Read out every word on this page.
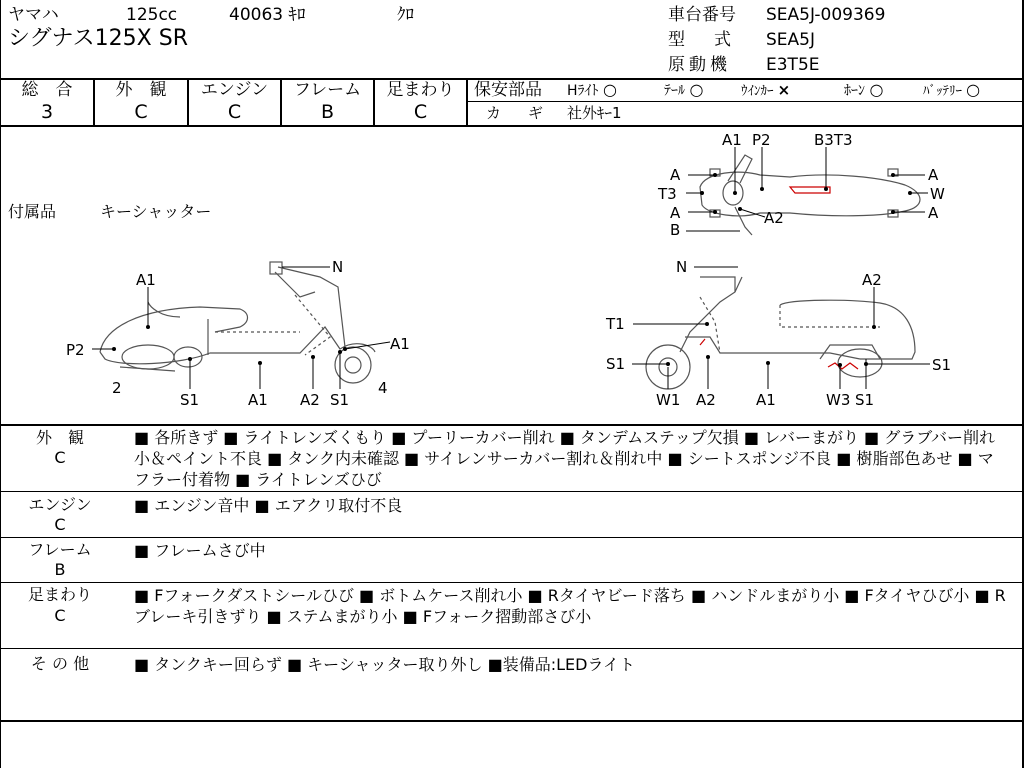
ヤマハ	125cc	40063 ｷﾛ	ｸﾛ
シグナス125X SR
車台番号 SEA5J-009369
型　式 SEA5J
原動機 E3T5E
総　合
3
外　観
C
エンジン
C
フレーム
B
足まわり
C
保安部品 Hﾗｲﾄ ○	ﾃｰﾙ ○	ｳｲﾝｶｰ ×	ﾎｰﾝ ○	ﾊﾞｯﾃﾘｰ ○
カ　ギ 社外ｷｰ1
付属品	キーシャッター
A1 P2	B3T3
A
T3
A
B
A2
A
W
A
N
A1
P2	A1
2
S1	A1 A2 S1
4
N
A2
T1
S1	S1
W1 A2	A1	W3 S1
外　観
C
■ 各所きず ■ ライトレンズくもり ■ プーリーカバー削れ ■ タンデムステップ欠損 ■ レバーまがり ■ グラブバー削れ小＆ペイント不良 ■ タンク内未確認 ■ サイレンサーカバー割れ＆削れ中 ■ シートスポンジ不良 ■ 樹脂部色あせ ■ マフラー付着物 ■ ライトレンズひび
エンジン
C
■ エンジン音中 ■ エアクリ取付不良
フレーム
B
■ フレームさび中
足まわり
C
■ Fフォークダストシールひび ■ ボトムケース削れ小 ■ Rタイヤビード落ち ■ ハンドルまがり小 ■ Fタイヤひび小 ■ Rブレーキ引きずり ■ ステムまがり小 ■ Fフォーク摺動部さび小
そ の 他	■ タンクキー回らず ■ キーシャッター取り外し ■装備品:LEDライト
